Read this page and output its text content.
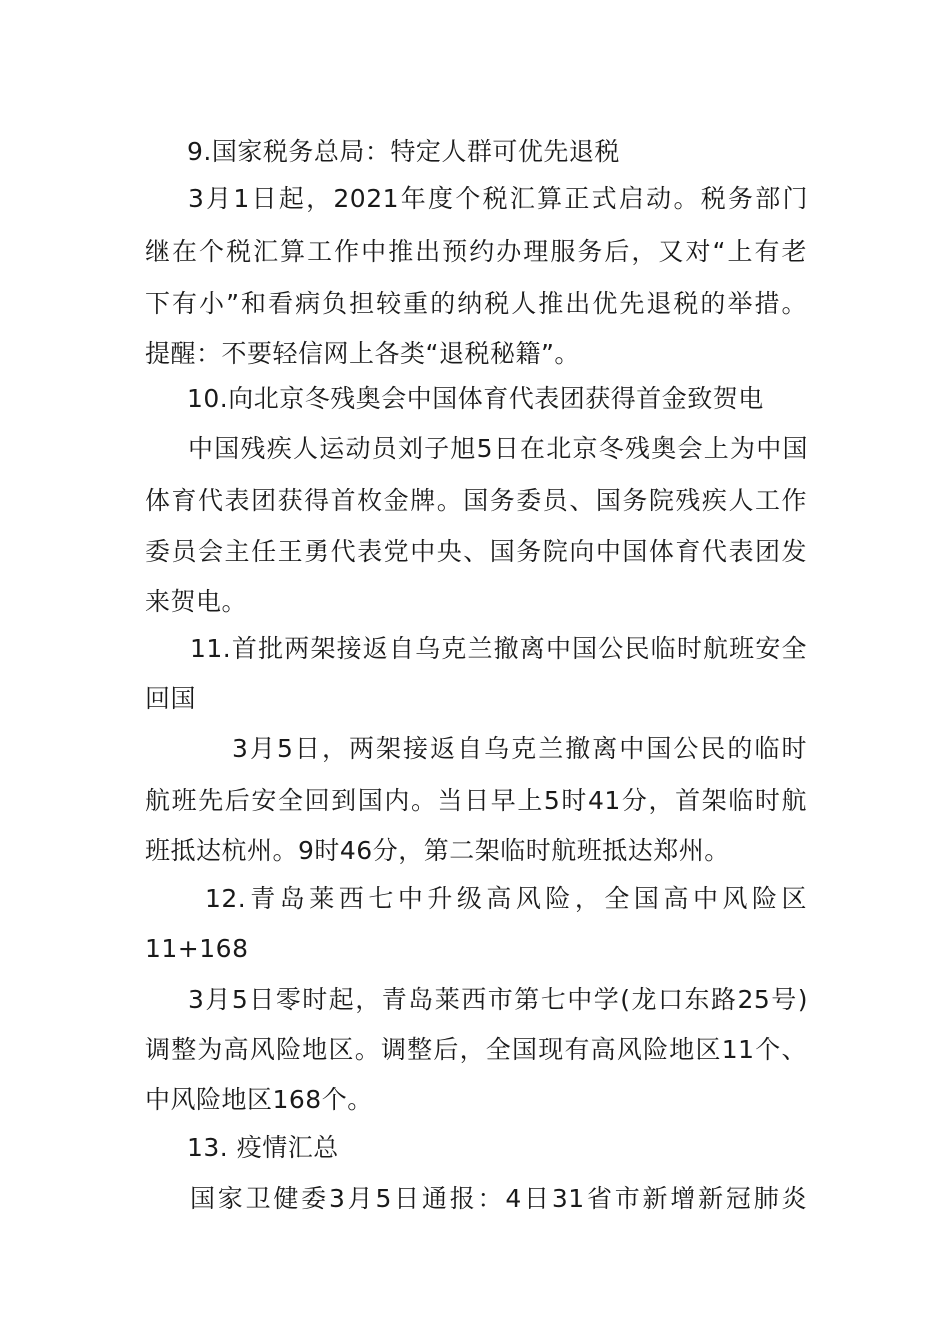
9.国家税务总局：特定人群可优先退税
3月1日起，2021年度个税汇算正式启动。税务部门
继在个税汇算工作中推出预约办理服务后，又对“上有老
下有小”和看病负担较重的纳税人推出优先退税的举措。
提醒：不要轻信网上各类“退税秘籍”。
10.向北京冬残奥会中国体育代表团获得首金致贺电
中国残疾人运动员刘子旭5日在北京冬残奥会上为中国
体育代表团获得首枚金牌。国务委员、国务院残疾人工作
委员会主任王勇代表党中央、国务院向中国体育代表团发
来贺电。
11.首批两架接返自乌克兰撤离中国公民临时航班安全
回国
3月5日，两架接返自乌克兰撤离中国公民的临时
航班先后安全回到国内。当日早上5时41分，首架临时航
班抵达杭州。9时46分，第二架临时航班抵达郑州。
12.青岛莱西七中升级高风险，全国高中风险区
11+168
3月5日零时起，青岛莱西市第七中学(龙口东路25号)
调整为高风险地区。调整后，全国现有高风险地区11个、
中风险地区168个。
13. 疫情汇总
国家卫健委3月5日通报：4日31省市新增新冠肺炎
